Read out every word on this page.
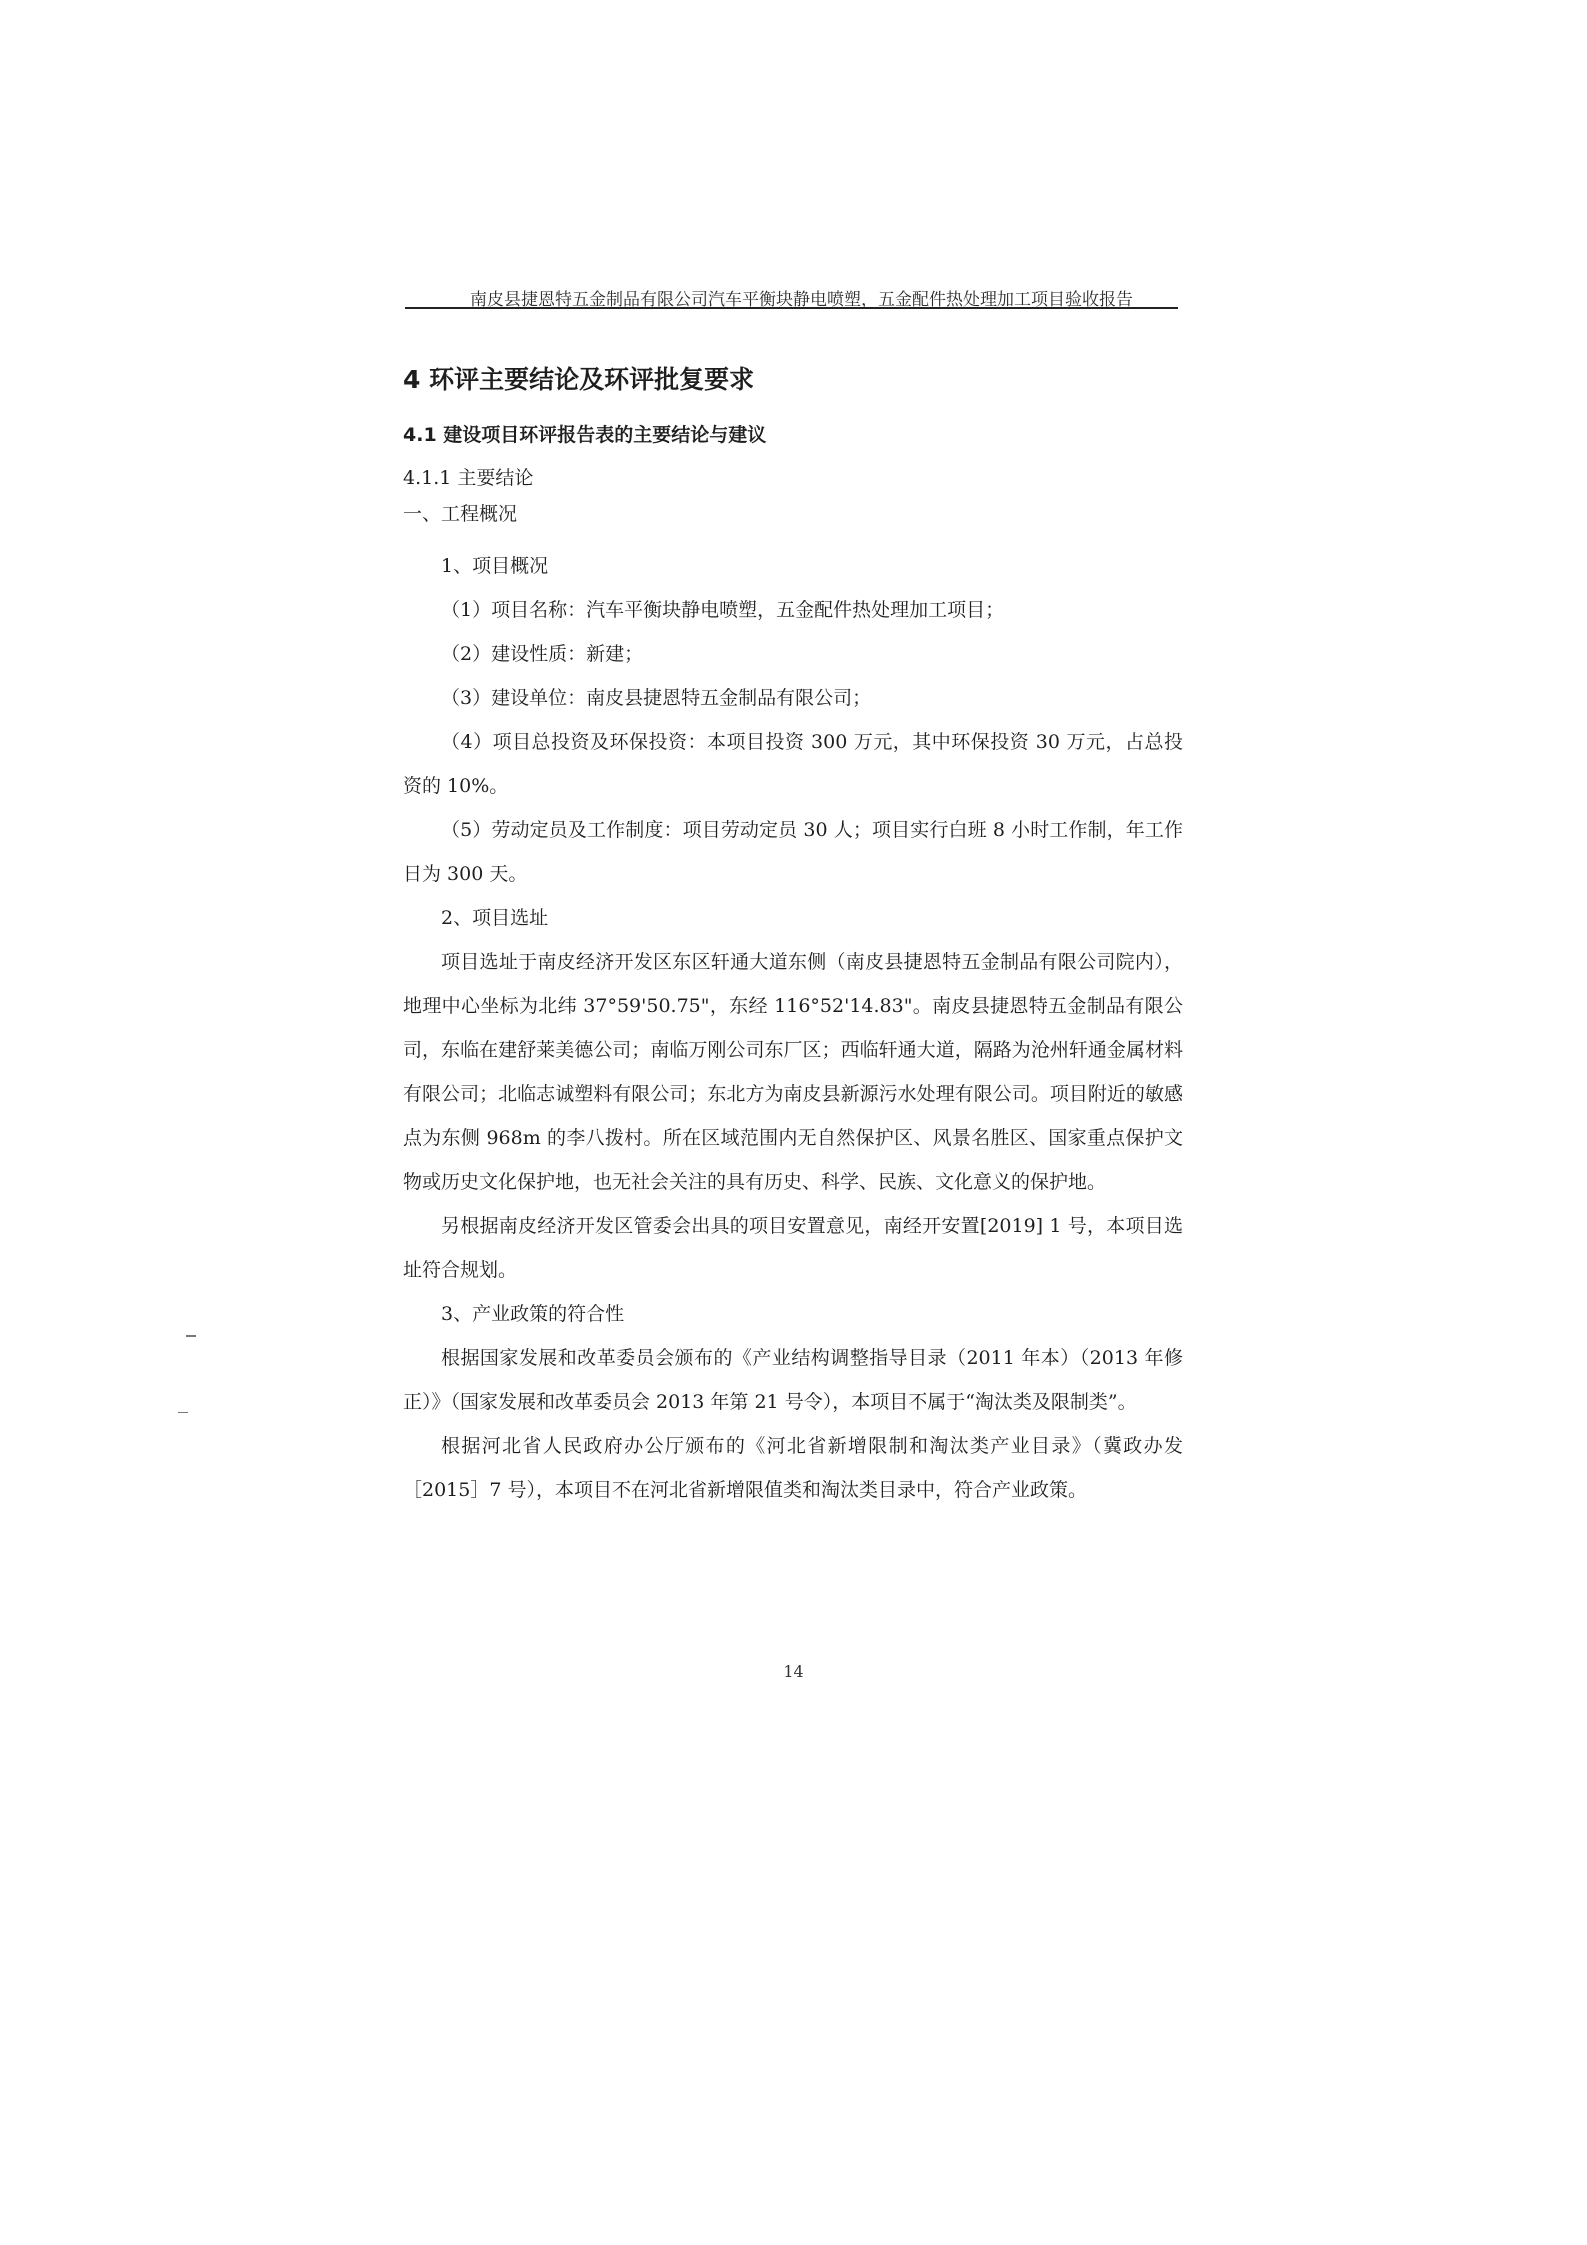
南皮县捷恩特五金制品有限公司汽车平衡块静电喷塑，五金配件热处理加工项目验收报告
4 环评主要结论及环评批复要求
4.1 建设项目环评报告表的主要结论与建议
4.1.1 主要结论
一、工程概况

1、项目概况

（1）项目名称：汽车平衡块静电喷塑，五金配件热处理加工项目；

（2）建设性质：新建；

（3）建设单位：南皮县捷恩特五金制品有限公司；

（4）项目总投资及环保投资：本项目投资 300 万元，其中环保投资 30 万元，占总投资的 10%。

（5）劳动定员及工作制度：项目劳动定员 30 人；项目实行白班 8 小时工作制，年工作日为 300 天。

2、项目选址

项目选址于南皮经济开发区东区轩通大道东侧（南皮县捷恩特五金制品有限公司院内），地理中心坐标为北纬 37°59'50.75"，东经 116°52'14.83"。南皮县捷恩特五金制品有限公司，东临在建舒莱美德公司；南临万刚公司东厂区；西临轩通大道，隔路为沧州轩通金属材料有限公司；北临志诚塑料有限公司；东北方为南皮县新源污水处理有限公司。项目附近的敏感点为东侧 968m 的李八拨村。所在区域范围内无自然保护区、风景名胜区、国家重点保护文物或历史文化保护地，也无社会关注的具有历史、科学、民族、文化意义的保护地。

另根据南皮经济开发区管委会出具的项目安置意见，南经开安置[2019] 1 号，本项目选址符合规划。

3、产业政策的符合性

根据国家发展和改革委员会颁布的《产业结构调整指导目录（2011 年本）（2013 年修正）》（国家发展和改革委员会 2013 年第 21 号令），本项目不属于“淘汰类及限制类”。

根据河北省人民政府办公厅颁布的《河北省新增限制和淘汰类产业目录》（冀政办发［2015］7 号），本项目不在河北省新增限值类和淘汰类目录中，符合产业政策。

14
